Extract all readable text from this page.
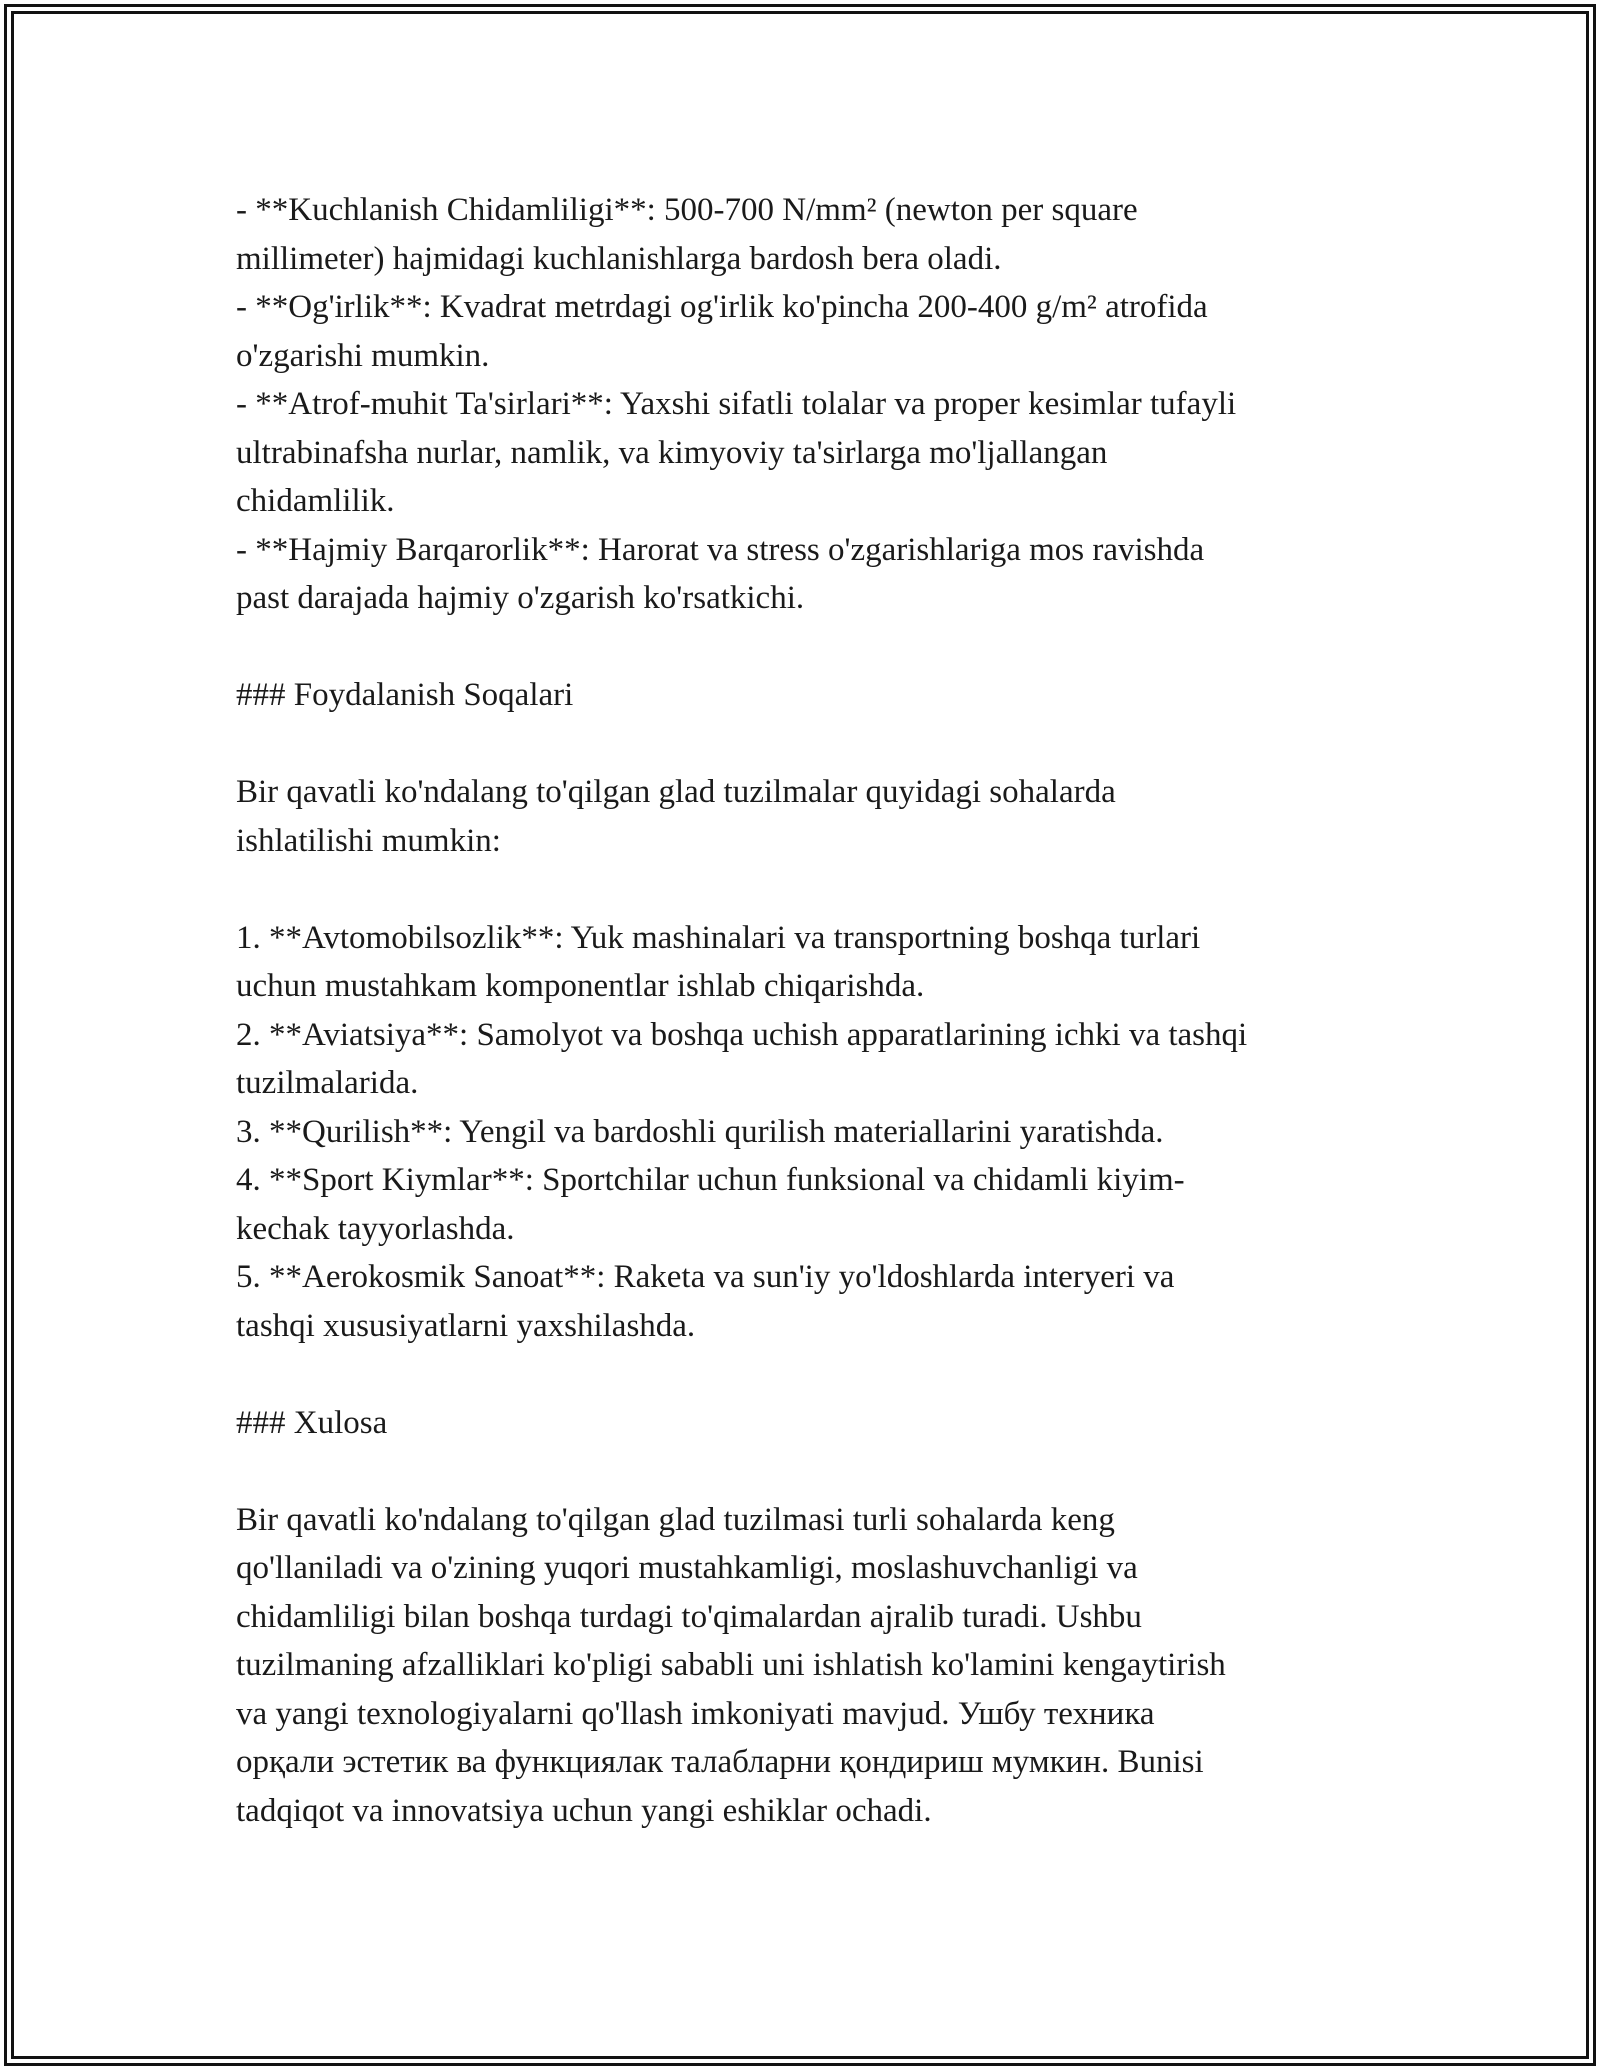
- **Kuchlanish Chidamliligi**: 500-700 N/mm² (newton per square
millimeter) hajmidagi kuchlanishlarga bardosh bera oladi.
- **Og'irlik**: Kvadrat metrdagi og'irlik ko'pincha 200-400 g/m² atrofida
o'zgarishi mumkin.
- **Atrof-muhit Ta'sirlari**: Yaxshi sifatli tolalar va proper kesimlar tufayli
ultrabinafsha nurlar, namlik, va kimyoviy ta'sirlarga mo'ljallangan
chidamlilik.
- **Hajmiy Barqarorlik**: Harorat va stress o'zgarishlariga mos ravishda
past darajada hajmiy o'zgarish ko'rsatkichi.
### Foydalanish Soqalari
Bir qavatli ko'ndalang to'qilgan glad tuzilmalar quyidagi sohalarda
ishlatilishi mumkin:
1. **Avtomobilsozlik**: Yuk mashinalari va transportning boshqa turlari
uchun mustahkam komponentlar ishlab chiqarishda.
2. **Aviatsiya**: Samolyot va boshqa uchish apparatlarining ichki va tashqi
tuzilmalarida.
3. **Qurilish**: Yengil va bardoshli qurilish materiallarini yaratishda.
4. **Sport Kiymlar**: Sportchilar uchun funksional va chidamli kiyim-
kechak tayyorlashda.
5. **Aerokosmik Sanoat**: Raketa va sun'iy yo'ldoshlarda interyeri va
tashqi xususiyatlarni yaxshilashda.
### Xulosa
Bir qavatli ko'ndalang to'qilgan glad tuzilmasi turli sohalarda keng
qo'llaniladi va o'zining yuqori mustahkamligi, moslashuvchanligi va
chidamliligi bilan boshqa turdagi to'qimalardan ajralib turadi. Ushbu
tuzilmaning afzalliklari ko'pligi sababli uni ishlatish ko'lamini kengaytirish
va yangi texnologiyalarni qo'llash imkoniyati mavjud. Ушбу техника
орқали эстетик ва функциялак талабларни қондириш мумкин. Bunisi
tadqiqot va innovatsiya uchun yangi eshiklar ochadi.
